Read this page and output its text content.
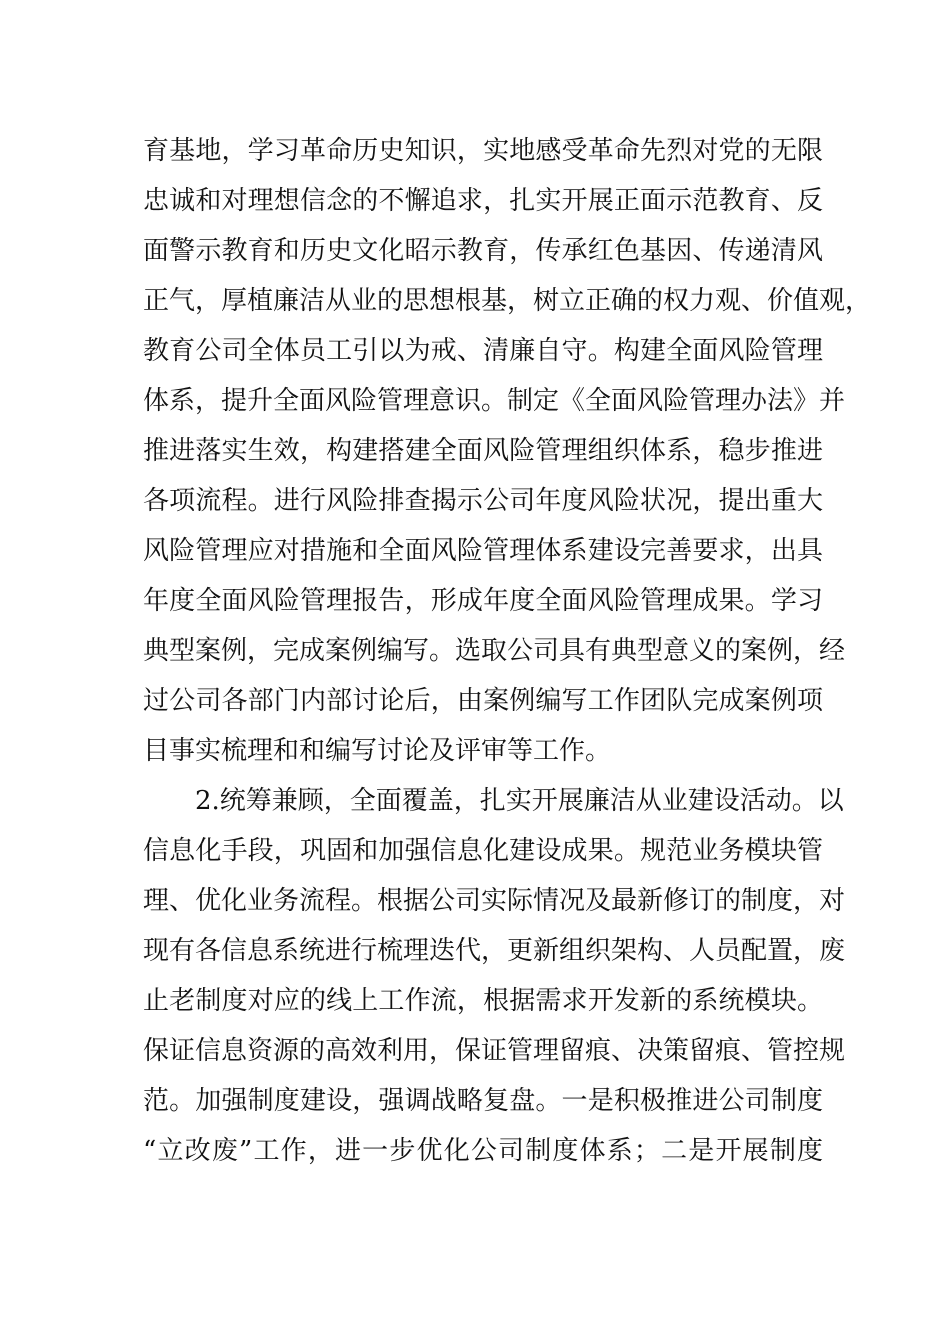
育基地，学习革命历史知识，实地感受革命先烈对党的无限
忠诚和对理想信念的不懈追求，扎实开展正面示范教育、反
面警示教育和历史文化昭示教育，传承红色基因、传递清风
正气，厚植廉洁从业的思想根基，树立正确的权力观、价值观，
教育公司全体员工引以为戒、清廉自守。构建全面风险管理
体系，提升全面风险管理意识。制定《全面风险管理办法》并
推进落实生效，构建搭建全面风险管理组织体系，稳步推进
各项流程。进行风险排查揭示公司年度风险状况，提出重大
风险管理应对措施和全面风险管理体系建设完善要求，出具
年度全面风险管理报告，形成年度全面风险管理成果。学习
典型案例，完成案例编写。选取公司具有典型意义的案例，经
过公司各部门内部讨论后，由案例编写工作团队完成案例项
目事实梳理和和编写讨论及评审等工作。
2.统筹兼顾，全面覆盖，扎实开展廉洁从业建设活动。以
信息化手段，巩固和加强信息化建设成果。规范业务模块管
理、优化业务流程。根据公司实际情况及最新修订的制度，对
现有各信息系统进行梳理迭代，更新组织架构、人员配置，废
止老制度对应的线上工作流，根据需求开发新的系统模块。
保证信息资源的高效利用，保证管理留痕、决策留痕、管控规
范。加强制度建设，强调战略复盘。一是积极推进公司制度
“立改废”工作，进一步优化公司制度体系；二是开展制度
